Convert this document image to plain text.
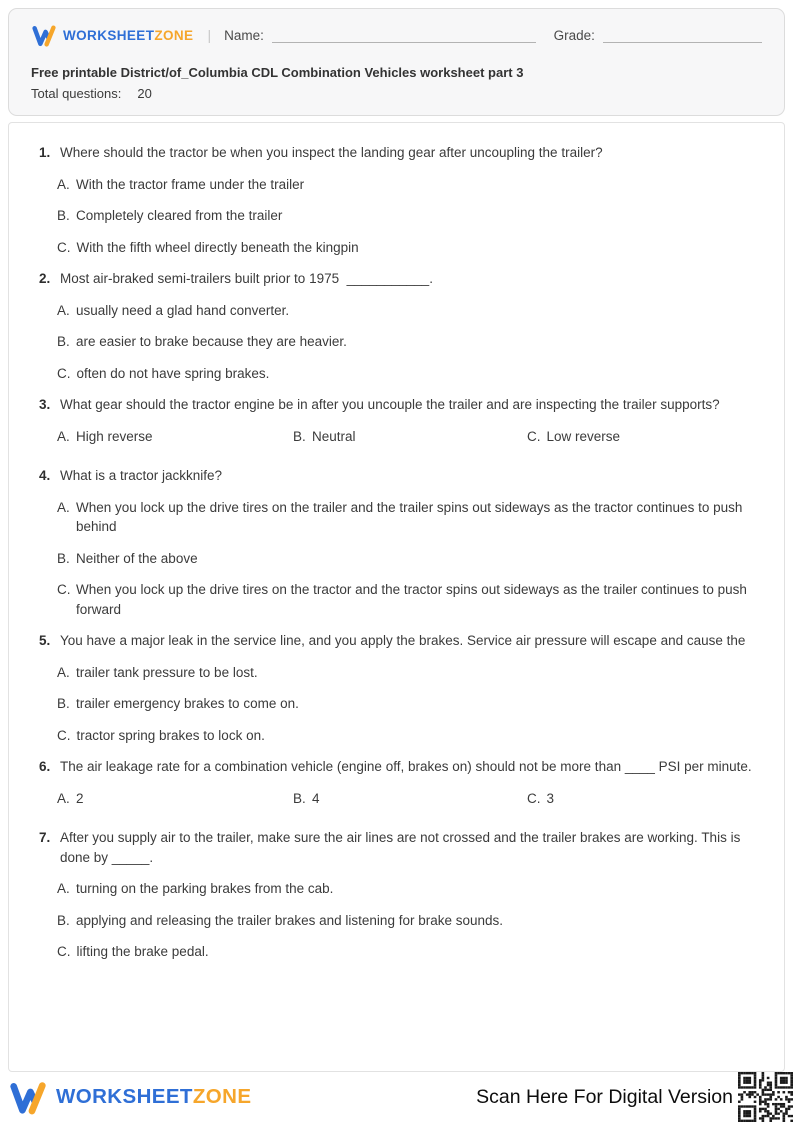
WORKSHEETZONE | Name:	Grade:
Free printable District/of_Columbia CDL Combination Vehicles worksheet part 3
Total questions: 20
1. Where should the tractor be when you inspect the landing gear after uncoupling the trailer?
A. With the tractor frame under the trailer
B. Completely cleared from the trailer
C. With the fifth wheel directly beneath the kingpin
2. Most air-braked semi-trailers built prior to 1975  ___________.
A. usually need a glad hand converter.
B. are easier to brake because they are heavier.
C. often do not have spring brakes.
3. What gear should the tractor engine be in after you uncouple the trailer and are inspecting the trailer supports?
A. High reverse	B. Neutral	C. Low reverse
4. What is a tractor jackknife?
A. When you lock up the drive tires on the trailer and the trailer spins out sideways as the tractor continues to push behind
B. Neither of the above
C. When you lock up the drive tires on the tractor and the tractor spins out sideways as the trailer continues to push forward
5. You have a major leak in the service line, and you apply the brakes. Service air pressure will escape and cause the
A. trailer tank pressure to be lost.
B. trailer emergency brakes to come on.
C. tractor spring brakes to lock on.
6. The air leakage rate for a combination vehicle (engine off, brakes on) should not be more than ____ PSI per minute.
A. 2	B. 4	C. 3
7. After you supply air to the trailer, make sure the air lines are not crossed and the trailer brakes are working. This is done by _____.
A. turning on the parking brakes from the cab.
B. applying and releasing the trailer brakes and listening for brake sounds.
C. lifting the brake pedal.
WORKSHEETZONE	Scan Here For Digital Version
